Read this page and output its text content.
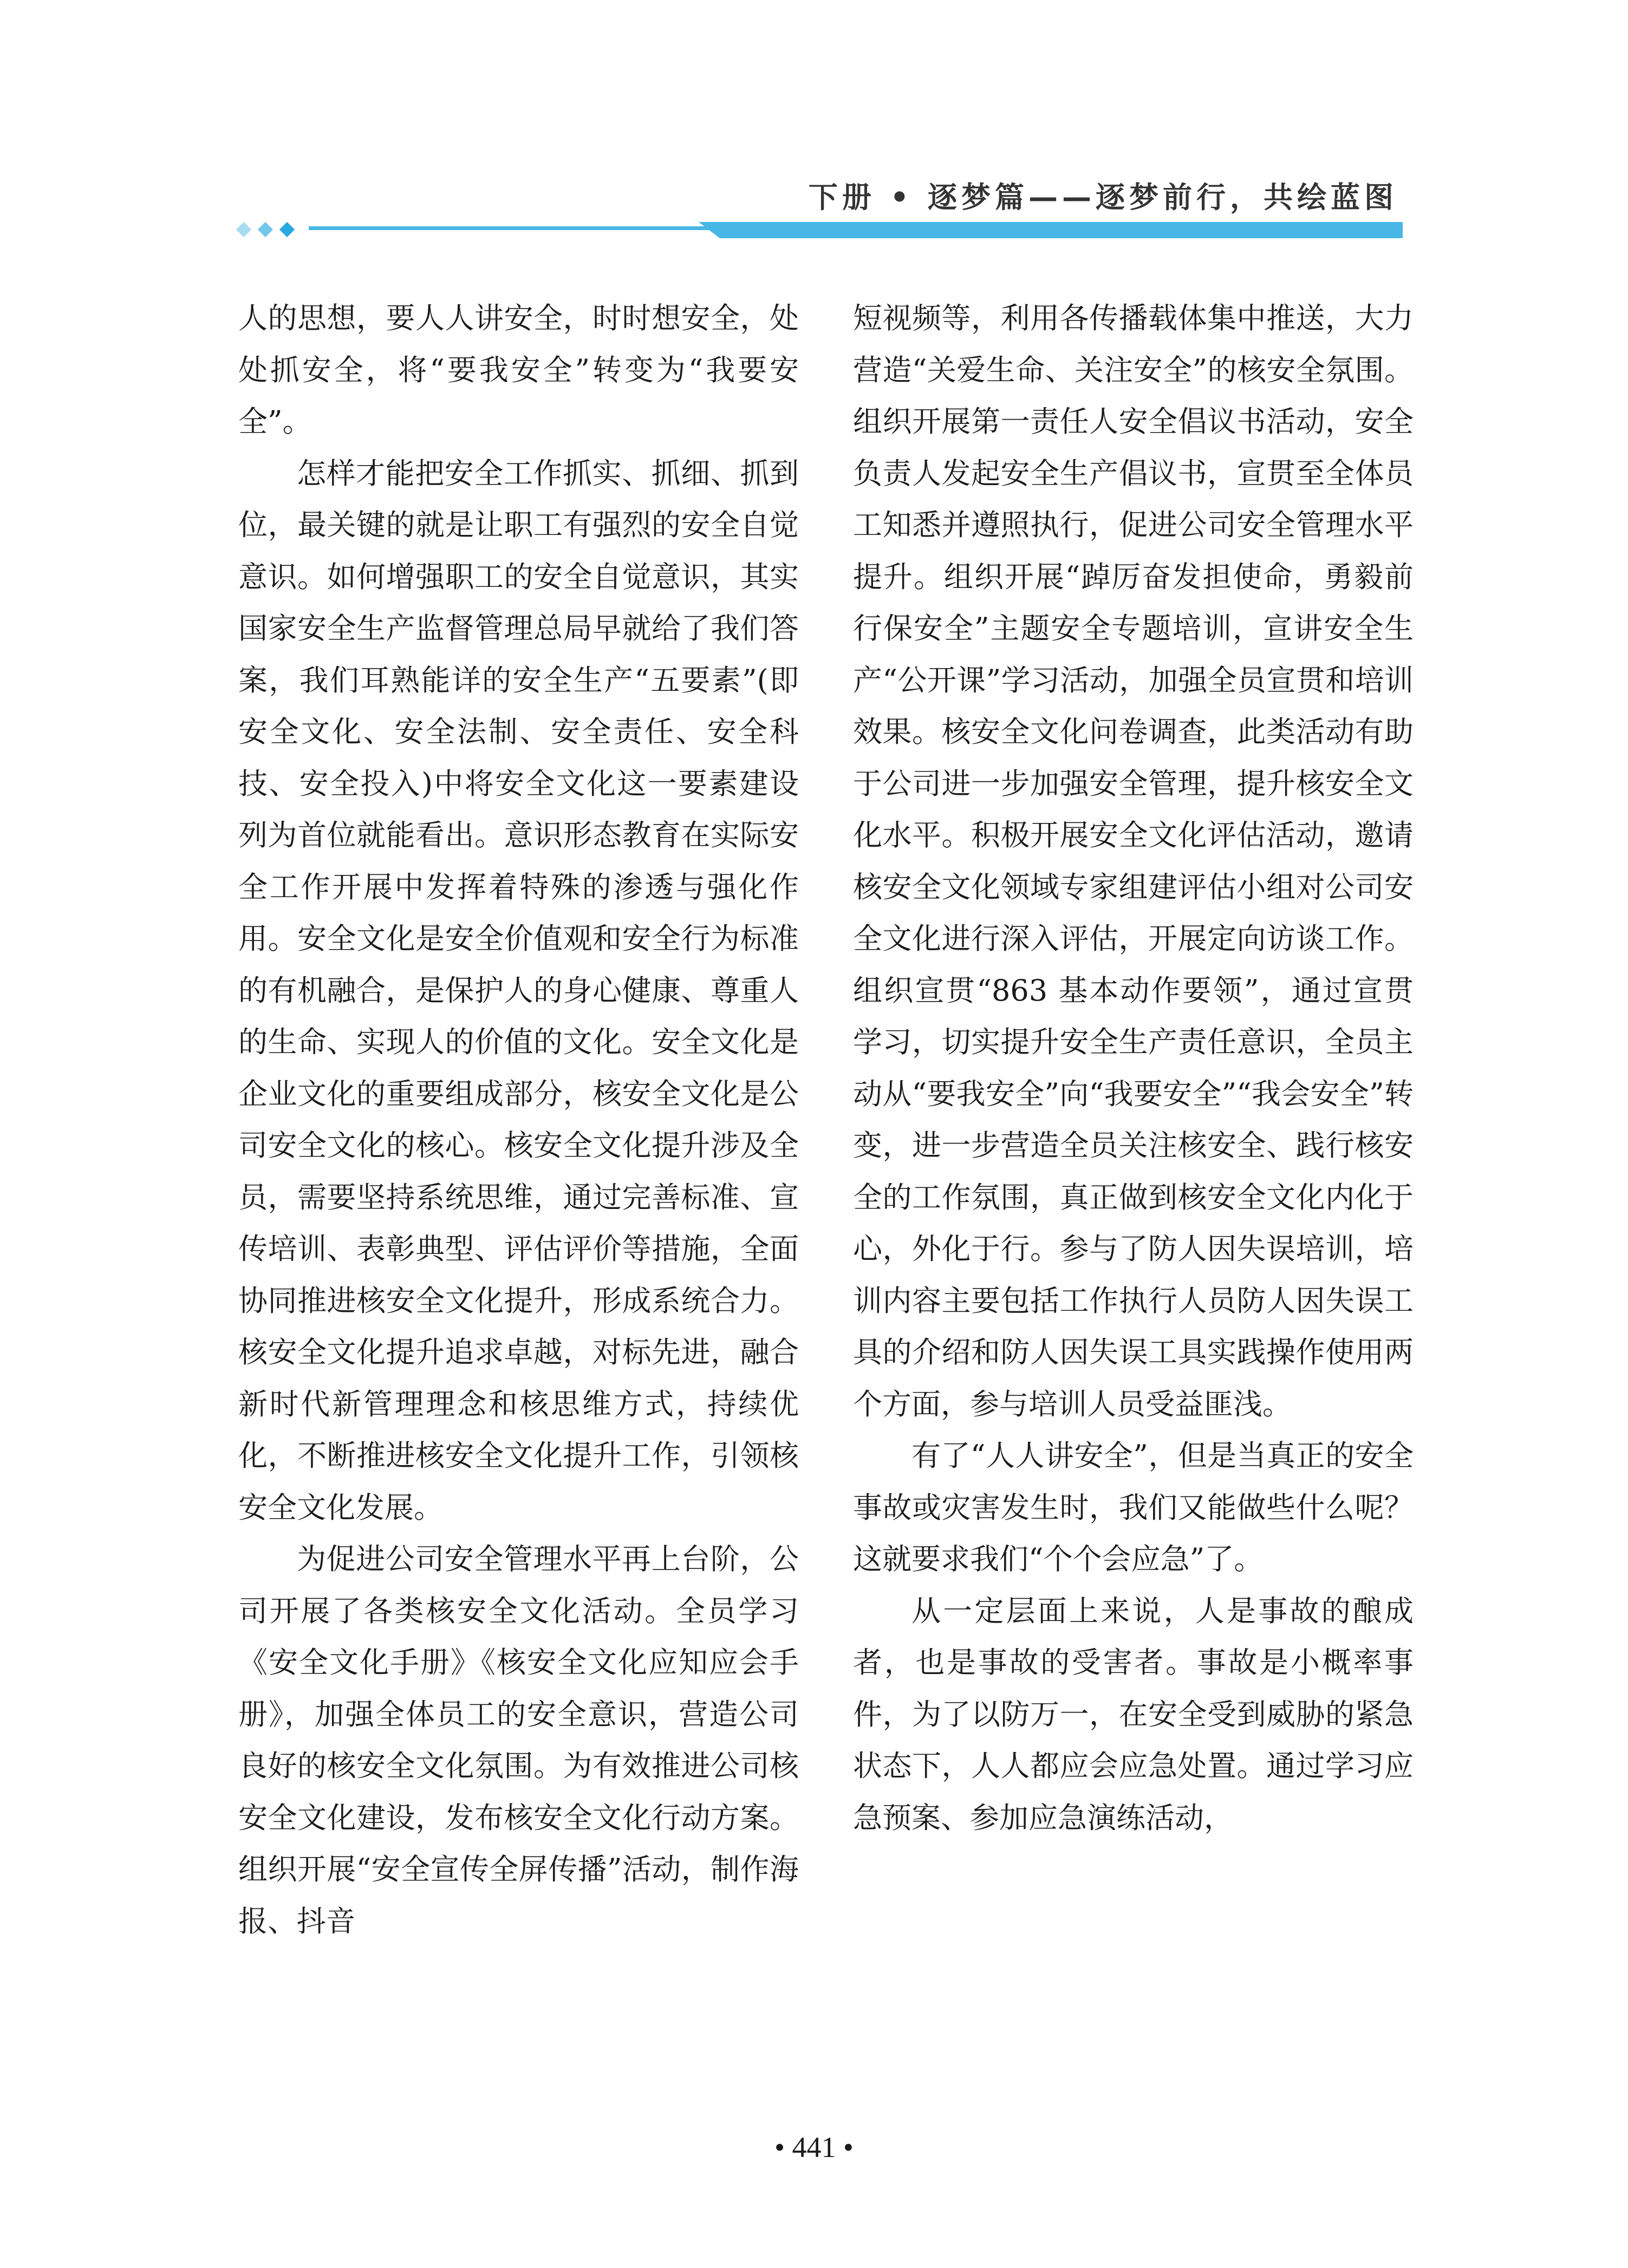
下册 • 逐梦篇——逐梦前行，共绘蓝图

人的思想，要人人讲安全，时时想安全，处处抓安全，将“要我安全”转变为“我要安全”。

怎样才能把安全工作抓实、抓细、抓到位，最关键的就是让职工有强烈的安全自觉意识。如何增强职工的安全自觉意识，其实国家安全生产监督管理总局早就给了我们答案，我们耳熟能详的安全生产“五要素”(即安全文化、安全法制、安全责任、安全科技、安全投入)中将安全文化这一要素建设列为首位就能看出。意识形态教育在实际安全工作开展中发挥着特殊的渗透与强化作用。安全文化是安全价值观和安全行为标准的有机融合，是保护人的身心健康、尊重人的生命、实现人的价值的文化。安全文化是企业文化的重要组成部分，核安全文化是公司安全文化的核心。核安全文化提升涉及全员，需要坚持系统思维，通过完善标准、宣传培训、表彰典型、评估评价等措施，全面协同推进核安全文化提升，形成系统合力。核安全文化提升追求卓越，对标先进，融合新时代新管理理念和核思维方式，持续优化，不断推进核安全文化提升工作，引领核安全文化发展。

为促进公司安全管理水平再上台阶，公司开展了各类核安全文化活动。全员学习《安全文化手册》《核安全文化应知应会手册》，加强全体员工的安全意识，营造公司良好的核安全文化氛围。为有效推进公司核安全文化建设，发布核安全文化行动方案。组织开展“安全宣传全屏传播”活动，制作海报、抖音

短视频等，利用各传播载体集中推送，大力营造“关爱生命、关注安全”的核安全氛围。组织开展第一责任人安全倡议书活动，安全负责人发起安全生产倡议书，宣贯至全体员工知悉并遵照执行，促进公司安全管理水平提升。组织开展“踔厉奋发担使命，勇毅前行保安全”主题安全专题培训，宣讲安全生产“公开课”学习活动，加强全员宣贯和培训效果。核安全文化问卷调查，此类活动有助于公司进一步加强安全管理，提升核安全文化水平。积极开展安全文化评估活动，邀请核安全文化领域专家组建评估小组对公司安全文化进行深入评估，开展定向访谈工作。组织宣贯“863 基本动作要领”，通过宣贯学习，切实提升安全生产责任意识，全员主动从“要我安全”向“我要安全”“我会安全”转变，进一步营造全员关注核安全、践行核安全的工作氛围，真正做到核安全文化内化于心，外化于行。参与了防人因失误培训，培训内容主要包括工作执行人员防人因失误工具的介绍和防人因失误工具实践操作使用两个方面，参与培训人员受益匪浅。

有了“人人讲安全”，但是当真正的安全事故或灾害发生时，我们又能做些什么呢？这就要求我们“个个会应急”了。

从一定层面上来说，人是事故的酿成者，也是事故的受害者。事故是小概率事件，为了以防万一，在安全受到威胁的紧急状态下，人人都应会应急处置。通过学习应急预案、参加应急演练活动，

• 441 •
